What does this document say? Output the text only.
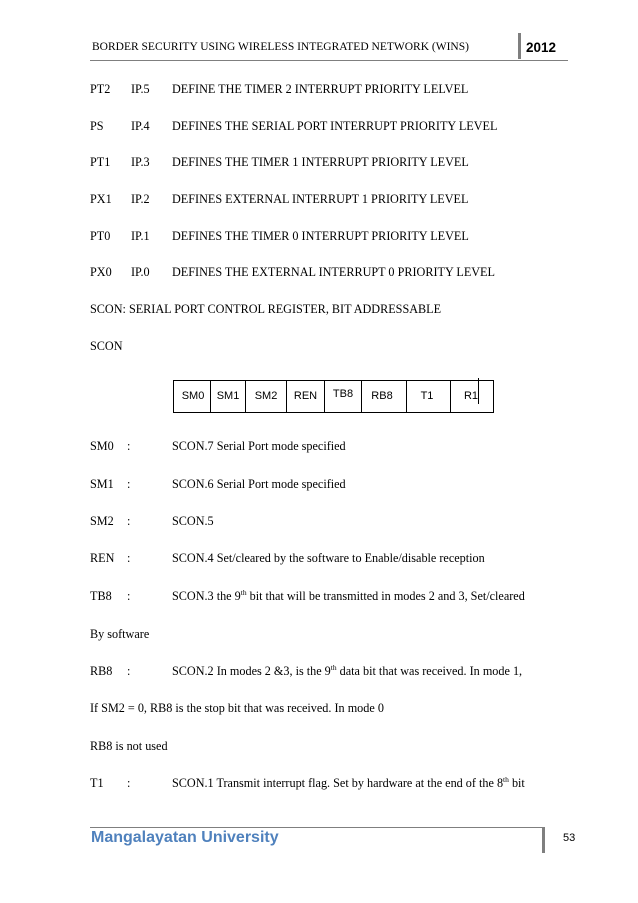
BORDER SECURITY USING WIRELESS INTEGRATED NETWORK (WINS)	2012
PT2 IP.5 DEFINE THE TIMER 2 INTERRUPT PRIORITY LELVEL
PS IP.4 DEFINES THE SERIAL PORT INTERRUPT PRIORITY LEVEL
PT1 IP.3 DEFINES THE TIMER 1 INTERRUPT PRIORITY LEVEL
PX1 IP.2 DEFINES EXTERNAL INTERRUPT 1 PRIORITY LEVEL
PT0 IP.1 DEFINES THE TIMER 0 INTERRUPT PRIORITY LEVEL
PX0 IP.0 DEFINES THE EXTERNAL INTERRUPT 0 PRIORITY LEVEL
SCON: SERIAL PORT CONTROL REGISTER, BIT ADDRESSABLE
SCON
SM0	SM1	SM2	REN	TB8	RB8	T1	R1
SM0 :	SCON.7 Serial Port mode specified
SM1 :	SCON.6 Serial Port mode specified
SM2 :	SCON.5
REN :	SCON.4 Set/cleared by the software to Enable/disable reception
TB8 :	SCON.3 the 9th bit that will be transmitted in modes 2 and 3, Set/cleared
By software
RB8 :	SCON.2 In modes 2 &3, is the 9th data bit that was received. In mode 1,
If SM2 = 0, RB8 is the stop bit that was received. In mode 0
RB8 is not used
T1 :	SCON.1 Transmit interrupt flag. Set by hardware at the end of the 8th bit
Mangalayatan University	53
